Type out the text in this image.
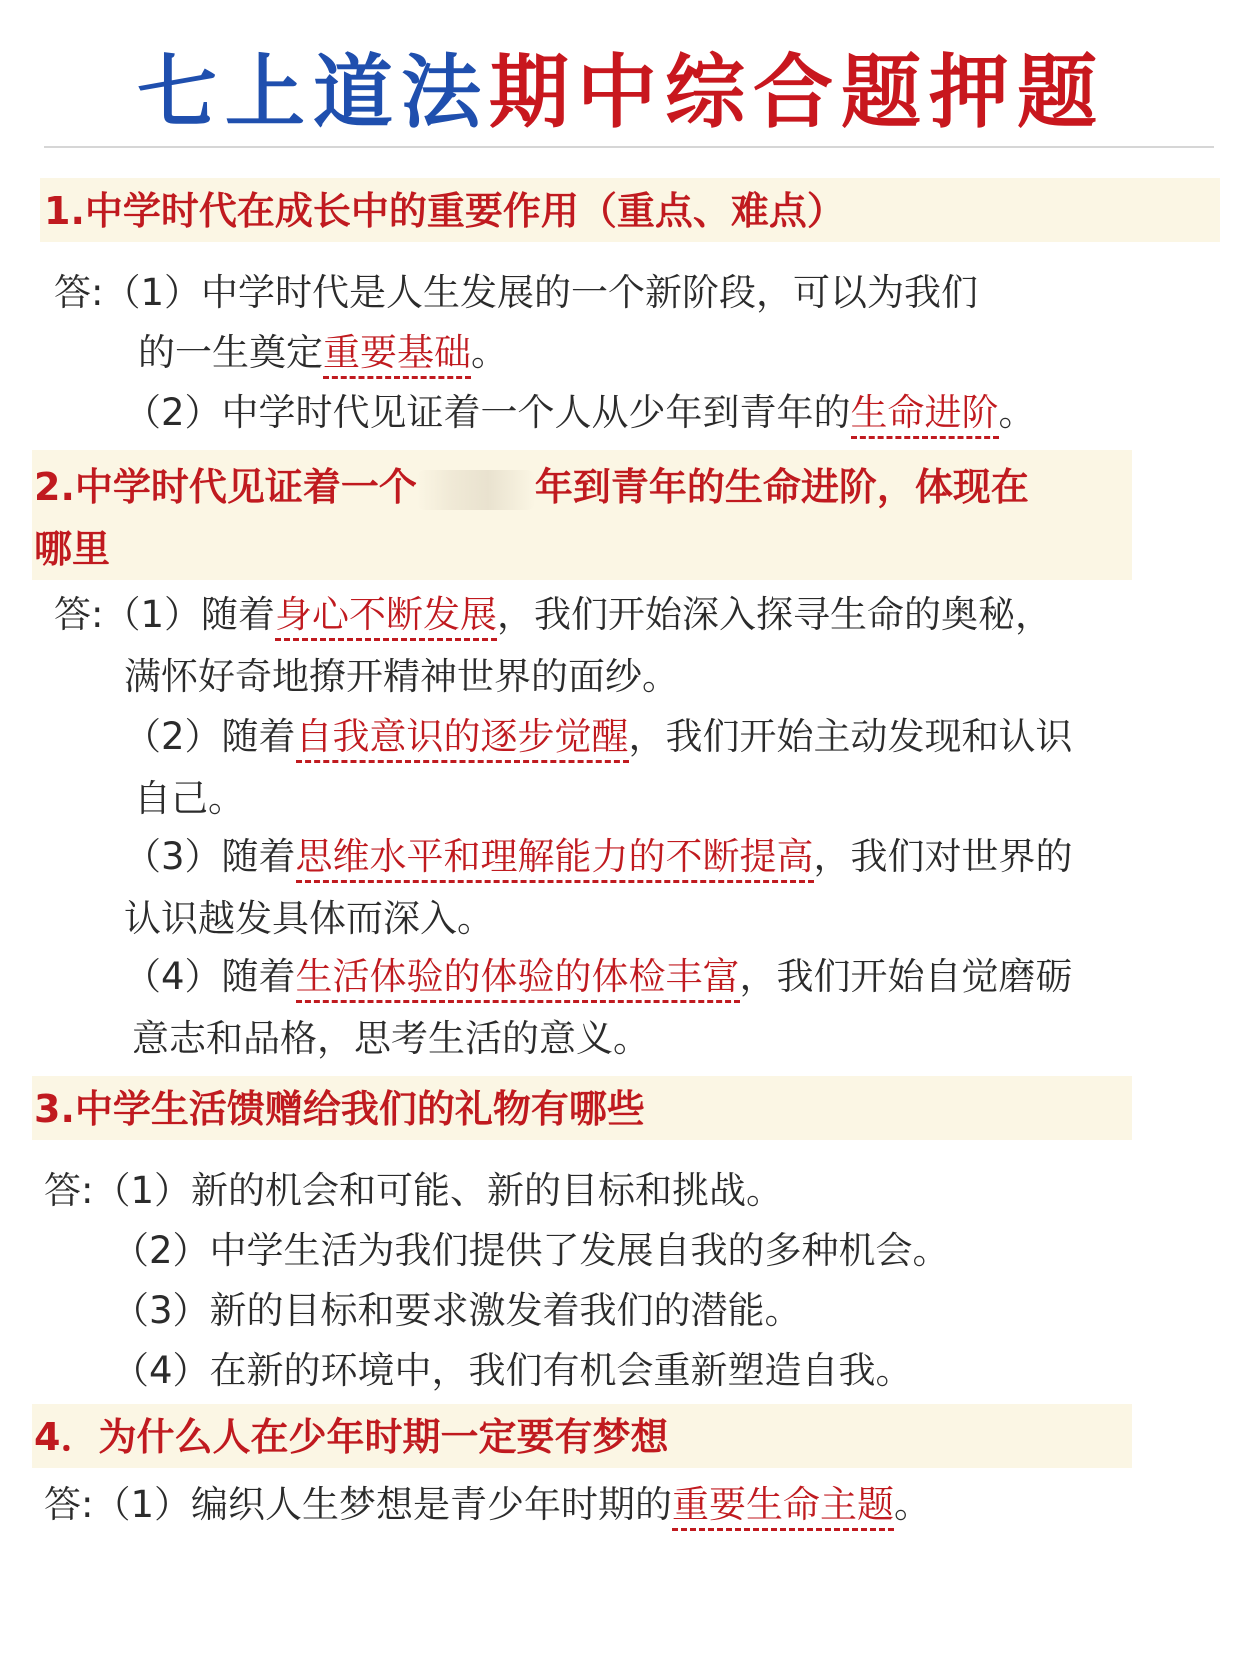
七上道法期中综合题押题
1.中学时代在成长中的重要作用（重点、难点）
答:（1）中学时代是人生发展的一个新阶段，可以为我们
的一生奠定重要基础。
（2）中学时代见证着一个人从少年到青年的生命进阶。
2.中学时代见证着一个	年到青年的生命进阶，体现在
哪里
答:（1）随着身心不断发展，我们开始深入探寻生命的奥秘，
满怀好奇地撩开精神世界的面纱。
（2）随着自我意识的逐步觉醒，我们开始主动发现和认识
自己。
（3）随着思维水平和理解能力的不断提高，我们对世界的
认识越发具体而深入。
（4）随着生活体验的体验的体检丰富，我们开始自觉磨砺
意志和品格，思考生活的意义。
3.中学生活馈赠给我们的礼物有哪些
答:（1）新的机会和可能、新的目标和挑战。
（2）中学生活为我们提供了发展自我的多种机会。
（3）新的目标和要求激发着我们的潜能。
（4）在新的环境中，我们有机会重新塑造自我。
4．为什么人在少年时期一定要有梦想
答:（1）编织人生梦想是青少年时期的重要生命主题。
